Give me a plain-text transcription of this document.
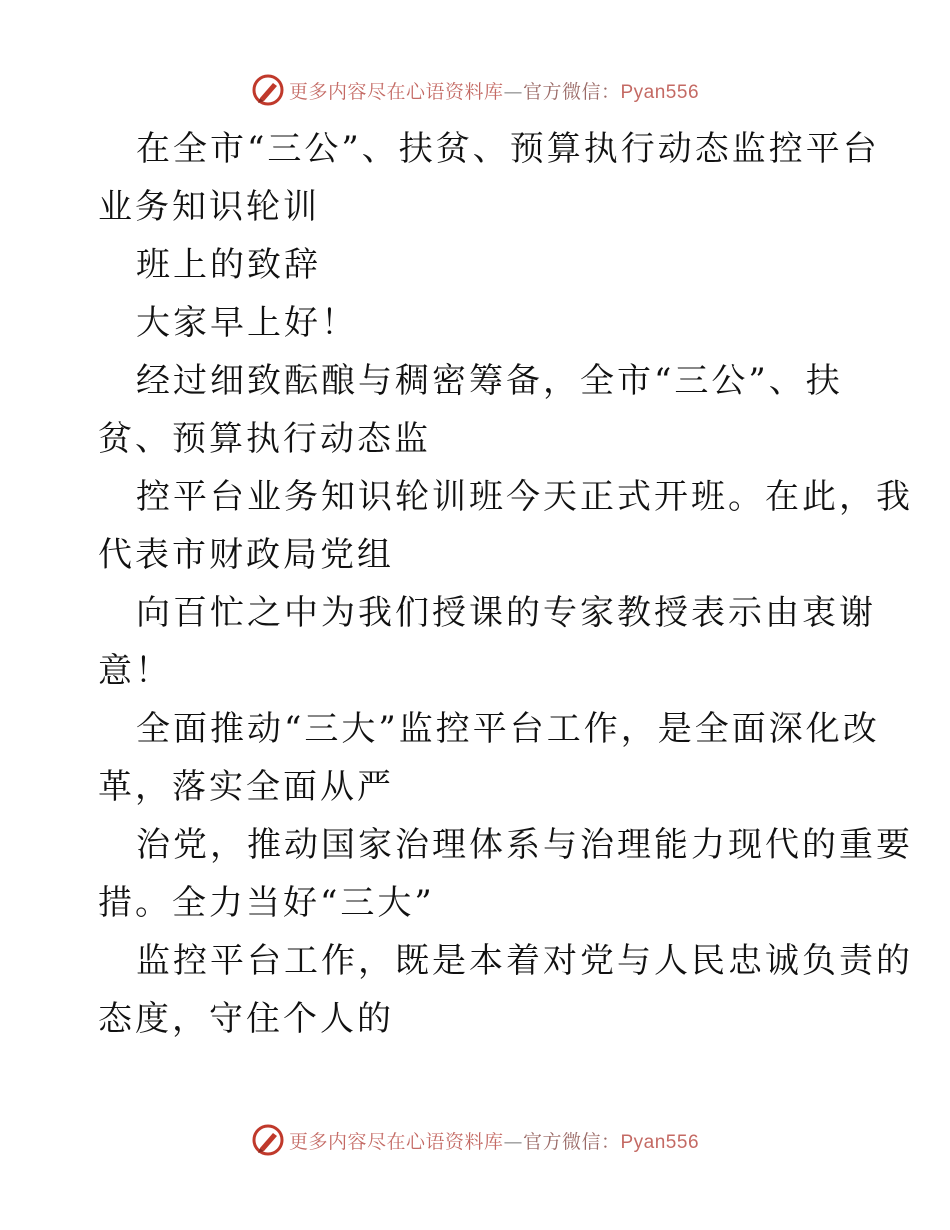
更多内容尽在心语资料库—官方微信：Pyan556
在全市“三公”、扶贫、预算执行动态监控平台
业务知识轮训
班上的致辞
大家早上好！
经过细致酝酿与稠密筹备，全市“三公”、扶
贫、预算执行动态监
控平台业务知识轮训班今天正式开班。在此，我
代表市财政局党组
向百忙之中为我们授课的专家教授表示由衷谢
意！
全面推动“三大”监控平台工作，是全面深化改
革，落实全面从严
治党，推动国家治理体系与治理能力现代的重要
措。全力当好“三大”
监控平台工作，既是本着对党与人民忠诚负责的
态度，守住个人的
更多内容尽在心语资料库—官方微信：Pyan556
